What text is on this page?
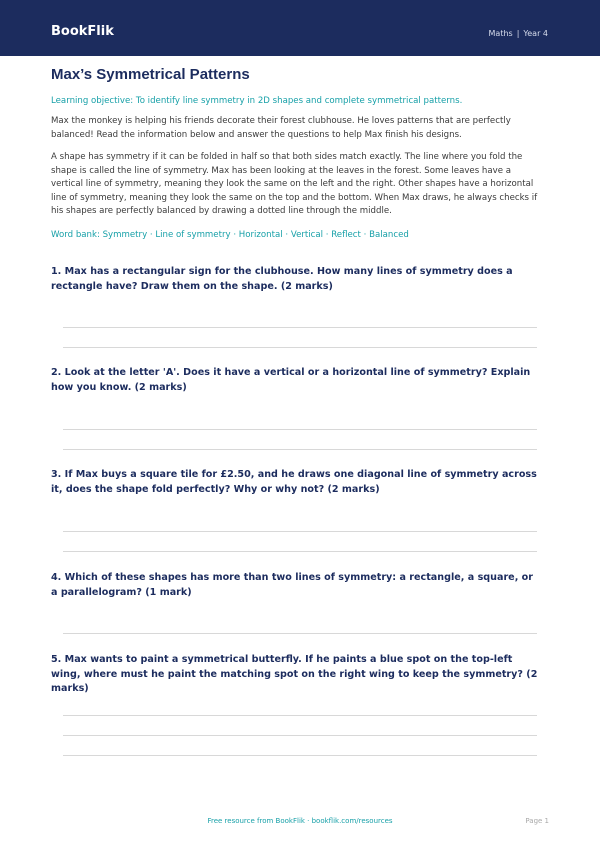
BookFlik	Maths | Year 4
Max’s Symmetrical Patterns

Learning objective: To identify line symmetry in 2D shapes and complete symmetrical patterns.

Max the monkey is helping his friends decorate their forest clubhouse. He loves patterns that are perfectly balanced! Read the information below and answer the questions to help Max finish his designs.

A shape has symmetry if it can be folded in half so that both sides match exactly. The line where you fold the shape is called the line of symmetry. Max has been looking at the leaves in the forest. Some leaves have a vertical line of symmetry, meaning they look the same on the left and the right. Other shapes have a horizontal line of symmetry, meaning they look the same on the top and the bottom. When Max draws, he always checks if his shapes are perfectly balanced by drawing a dotted line through the middle.

Word bank: Symmetry · Line of symmetry · Horizontal · Vertical · Reflect · Balanced

1. Max has a rectangular sign for the clubhouse. How many lines of symmetry does a rectangle have? Draw them on the shape. (2 marks)

2. Look at the letter 'A'. Does it have a vertical or a horizontal line of symmetry? Explain how you know. (2 marks)

3. If Max buys a square tile for £2.50, and he draws one diagonal line of symmetry across it, does the shape fold perfectly? Why or why not? (2 marks)

4. Which of these shapes has more than two lines of symmetry: a rectangle, a square, or a parallelogram? (1 mark)

5. Max wants to paint a symmetrical butterfly. If he paints a blue spot on the top-left wing, where must he paint the matching spot on the right wing to keep the symmetry? (2 marks)

Free resource from BookFlik · bookflik.com/resources	Page 1
